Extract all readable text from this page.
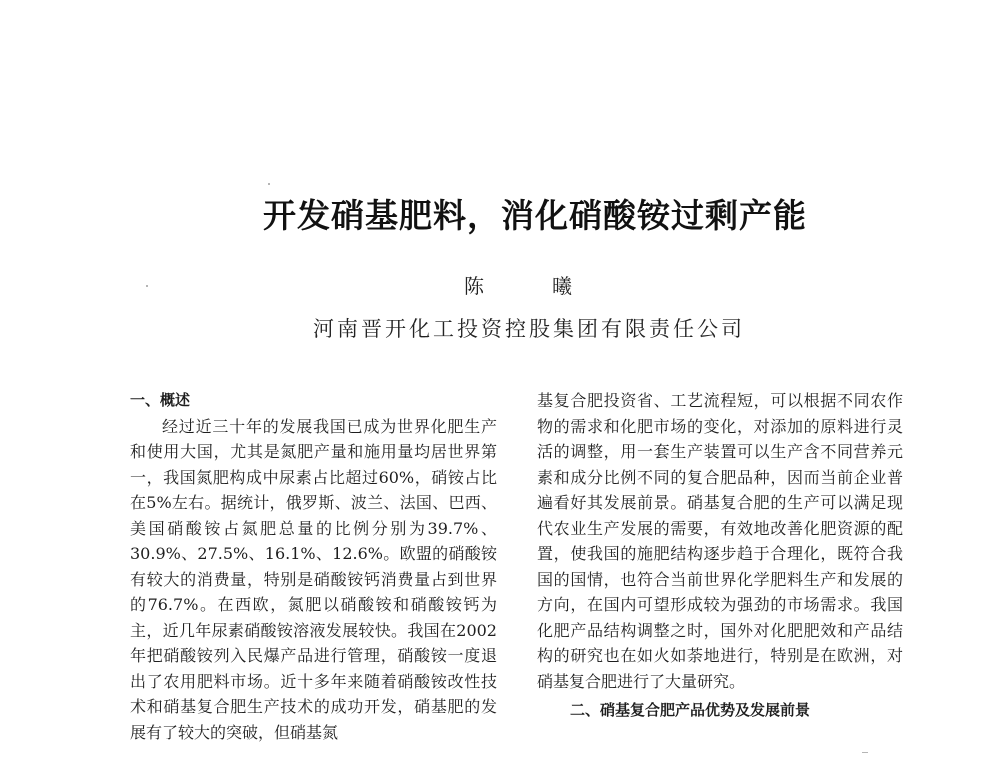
开发硝基肥料，消化硝酸铵过剩产能
陈　曦
河南晋开化工投资控股集团有限责任公司

一、概述

经过近三十年的发展我国已成为世界化肥生产和使用大国，尤其是氮肥产量和施用量均居世界第一，我国氮肥构成中尿素占比超过60%，硝铵占比在5%左右。据统计，俄罗斯、波兰、法国、巴西、美国硝酸铵占氮肥总量的比例分别为39.7%、30.9%、27.5%、16.1%、12.6%。欧盟的硝酸铵有较大的消费量，特别是硝酸铵钙消费量占到世界的76.7%。在西欧，氮肥以硝酸铵和硝酸铵钙为主，近几年尿素硝酸铵溶液发展较快。我国在2002年把硝酸铵列入民爆产品进行管理，硝酸铵一度退出了农用肥料市场。近十多年来随着硝酸铵改性技术和硝基复合肥生产技术的成功开发，硝基肥的发展有了较大的突破，但硝基氮

基复合肥投资省、工艺流程短，可以根据不同农作物的需求和化肥市场的变化，对添加的原料进行灵活的调整，用一套生产装置可以生产含不同营养元素和成分比例不同的复合肥品种，因而当前企业普遍看好其发展前景。硝基复合肥的生产可以满足现代农业生产发展的需要，有效地改善化肥资源的配置，使我国的施肥结构逐步趋于合理化，既符合我国的国情，也符合当前世界化学肥料生产和发展的方向，在国内可望形成较为强劲的市场需求。我国化肥产品结构调整之时，国外对化肥肥效和产品结构的研究也在如火如荼地进行，特别是在欧洲，对硝基复合肥进行了大量研究。

二、硝基复合肥产品优势及发展前景
